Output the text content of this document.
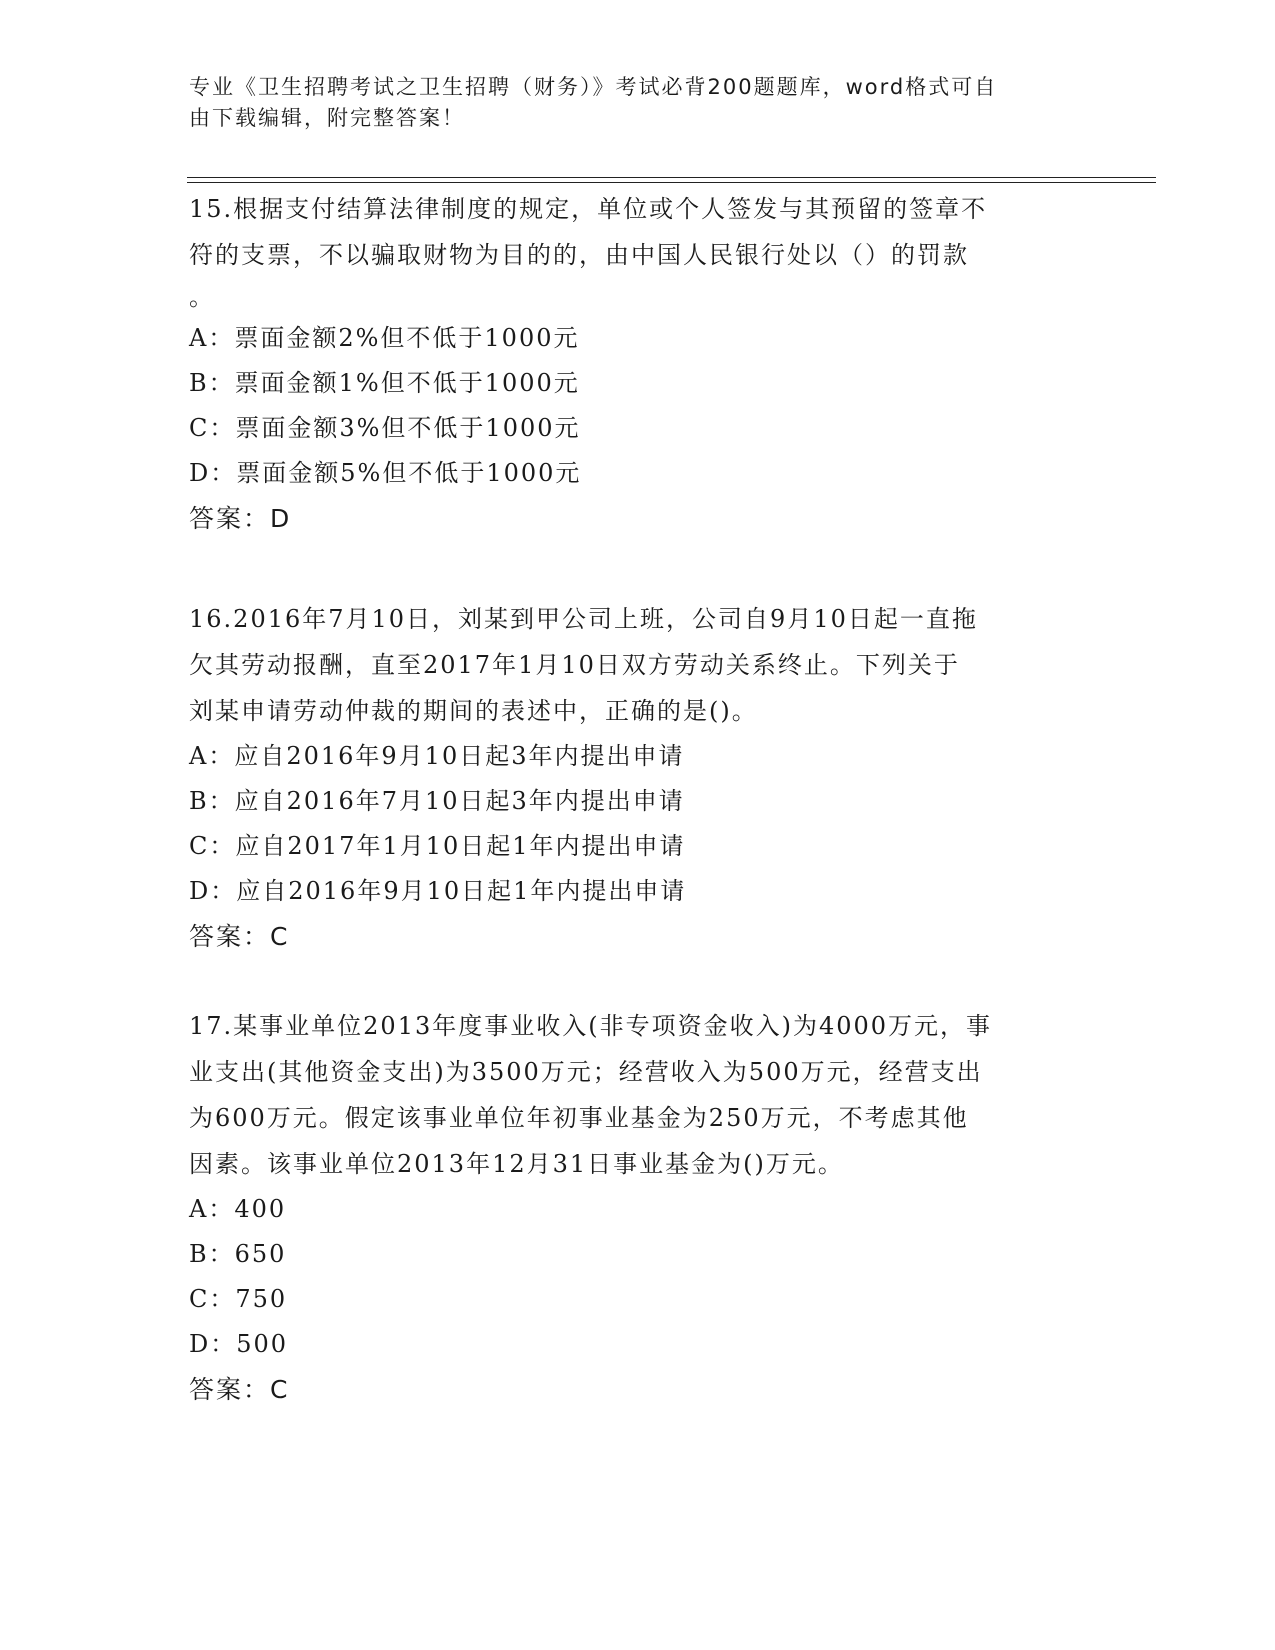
专业《卫生招聘考试之卫生招聘（财务）》考试必背200题题库，word格式可自
由下载编辑，附完整答案！

15.根据支付结算法律制度的规定，单位或个人签发与其预留的签章不

符的支票，不以骗取财物为目的的，由中国人民银行处以（）的罚款

。

A：票面金额2%但不低于1000元

B：票面金额1%但不低于1000元

C：票面金额3%但不低于1000元

D：票面金额5%但不低于1000元

答案：D

16.2016年7月10日，刘某到甲公司上班，公司自9月10日起一直拖

欠其劳动报酬，直至2017年1月10日双方劳动关系终止。下列关于

刘某申请劳动仲裁的期间的表述中，正确的是()。

A：应自2016年9月10日起3年内提出申请

B：应自2016年7月10日起3年内提出申请

C：应自2017年1月10日起1年内提出申请

D：应自2016年9月10日起1年内提出申请

答案：C

17.某事业单位2013年度事业收入(非专项资金收入)为4000万元，事

业支出(其他资金支出)为3500万元；经营收入为500万元，经营支出

为600万元。假定该事业单位年初事业基金为250万元，不考虑其他

因素。该事业单位2013年12月31日事业基金为()万元。

A：400

B：650

C：750

D：500

答案：C
